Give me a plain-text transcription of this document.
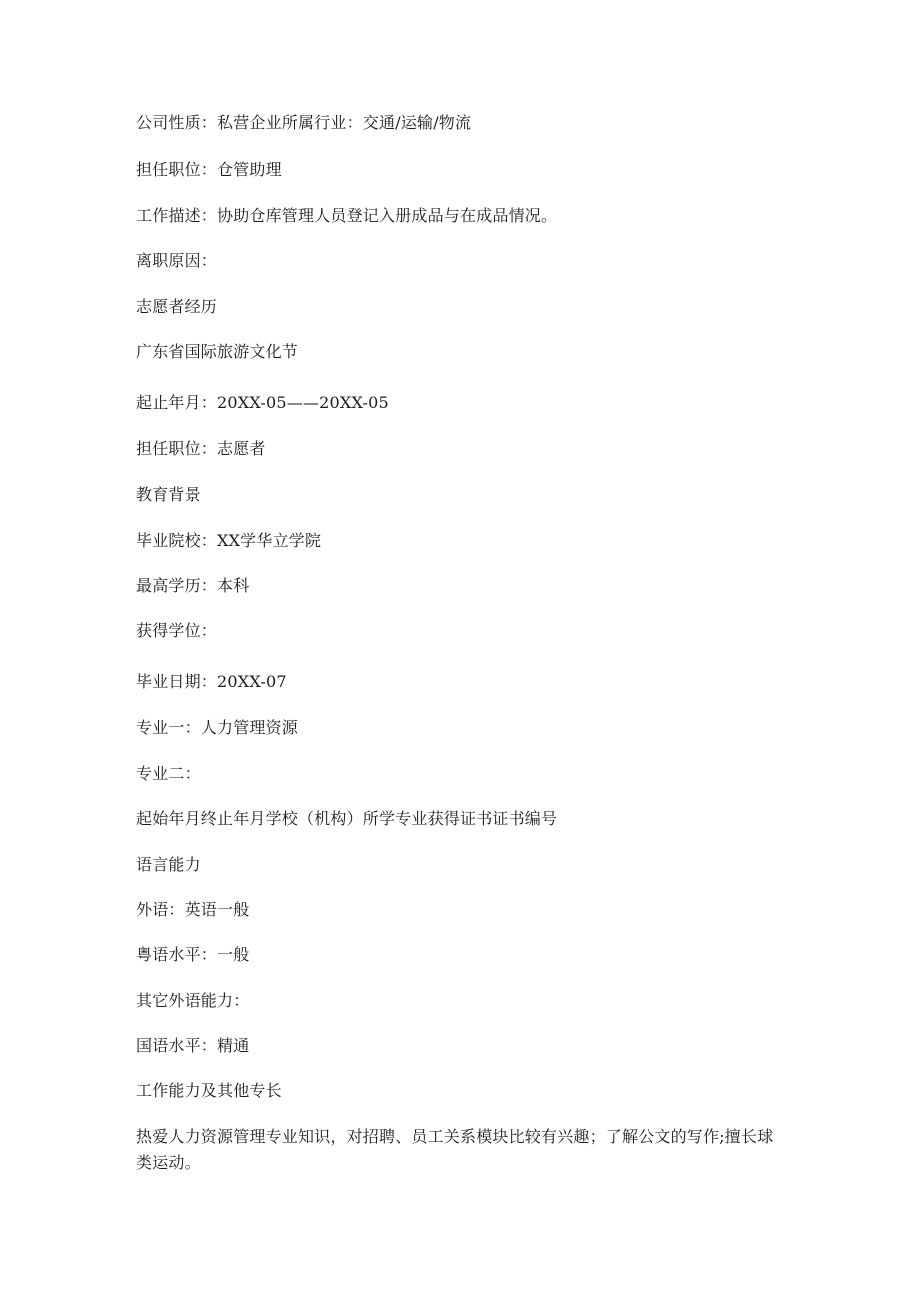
公司性质：私营企业所属行业：交通/运输/物流
担任职位：仓管助理
工作描述：协助仓库管理人员登记入册成品与在成品情况。
离职原因：
志愿者经历
广东省国际旅游文化节
起止年月：20XX-05——20XX-05
担任职位：志愿者
教育背景
毕业院校：XX学华立学院
最高学历：本科
获得学位：
毕业日期：20XX-07
专业一：人力管理资源
专业二：
起始年月终止年月学校（机构）所学专业获得证书证书编号
语言能力
外语：英语一般
粤语水平：一般
其它外语能力：
国语水平：精通
工作能力及其他专长
热爱人力资源管理专业知识，对招聘、员工关系模块比较有兴趣；了解公文的写作;擅长球类运动。
